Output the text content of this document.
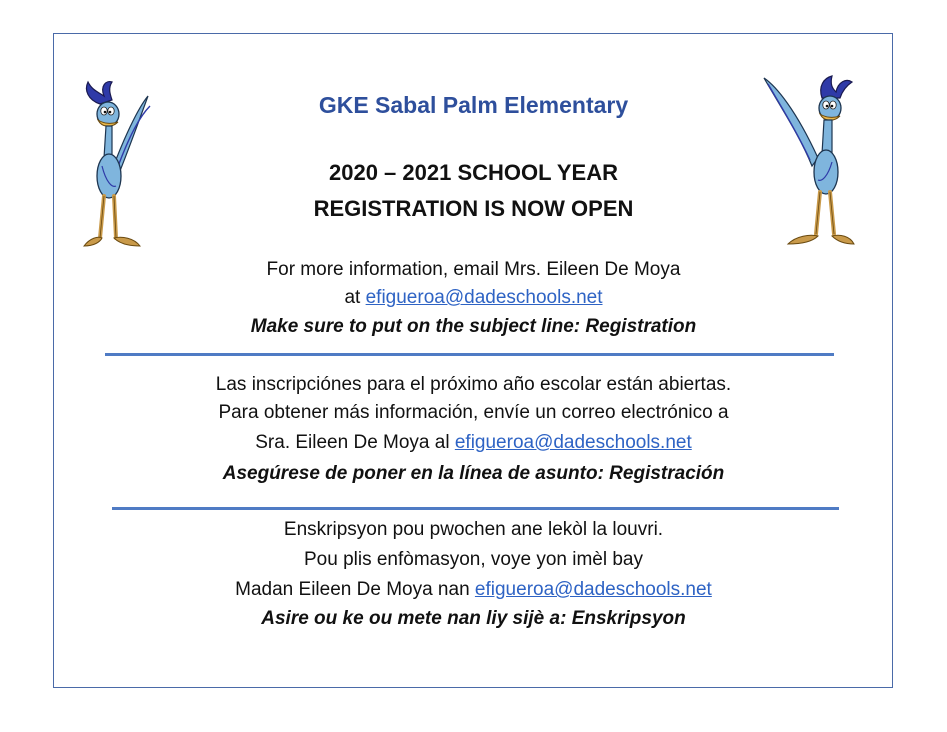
GKE Sabal Palm Elementary
2020 – 2021 SCHOOL YEAR
REGISTRATION IS NOW OPEN
For more information, email Mrs. Eileen De Moya
at efigueroa@dadeschools.net
Make sure to put on the subject line: Registration
Las inscripciónes para el próximo año escolar están abiertas.
Para obtener más información, envíe un correo electrónico a
Sra. Eileen De Moya al efigueroa@dadeschools.net
Asegúrese de poner en la línea de asunto: Registración
Enskripsyon pou pwochen ane lekòl la louvri.
Pou plis enfòmasyon, voye yon imèl bay
Madan Eileen De Moya nan efigueroa@dadeschools.net
Asire ou ke ou mete nan liy sijè a: Enskripsyon
